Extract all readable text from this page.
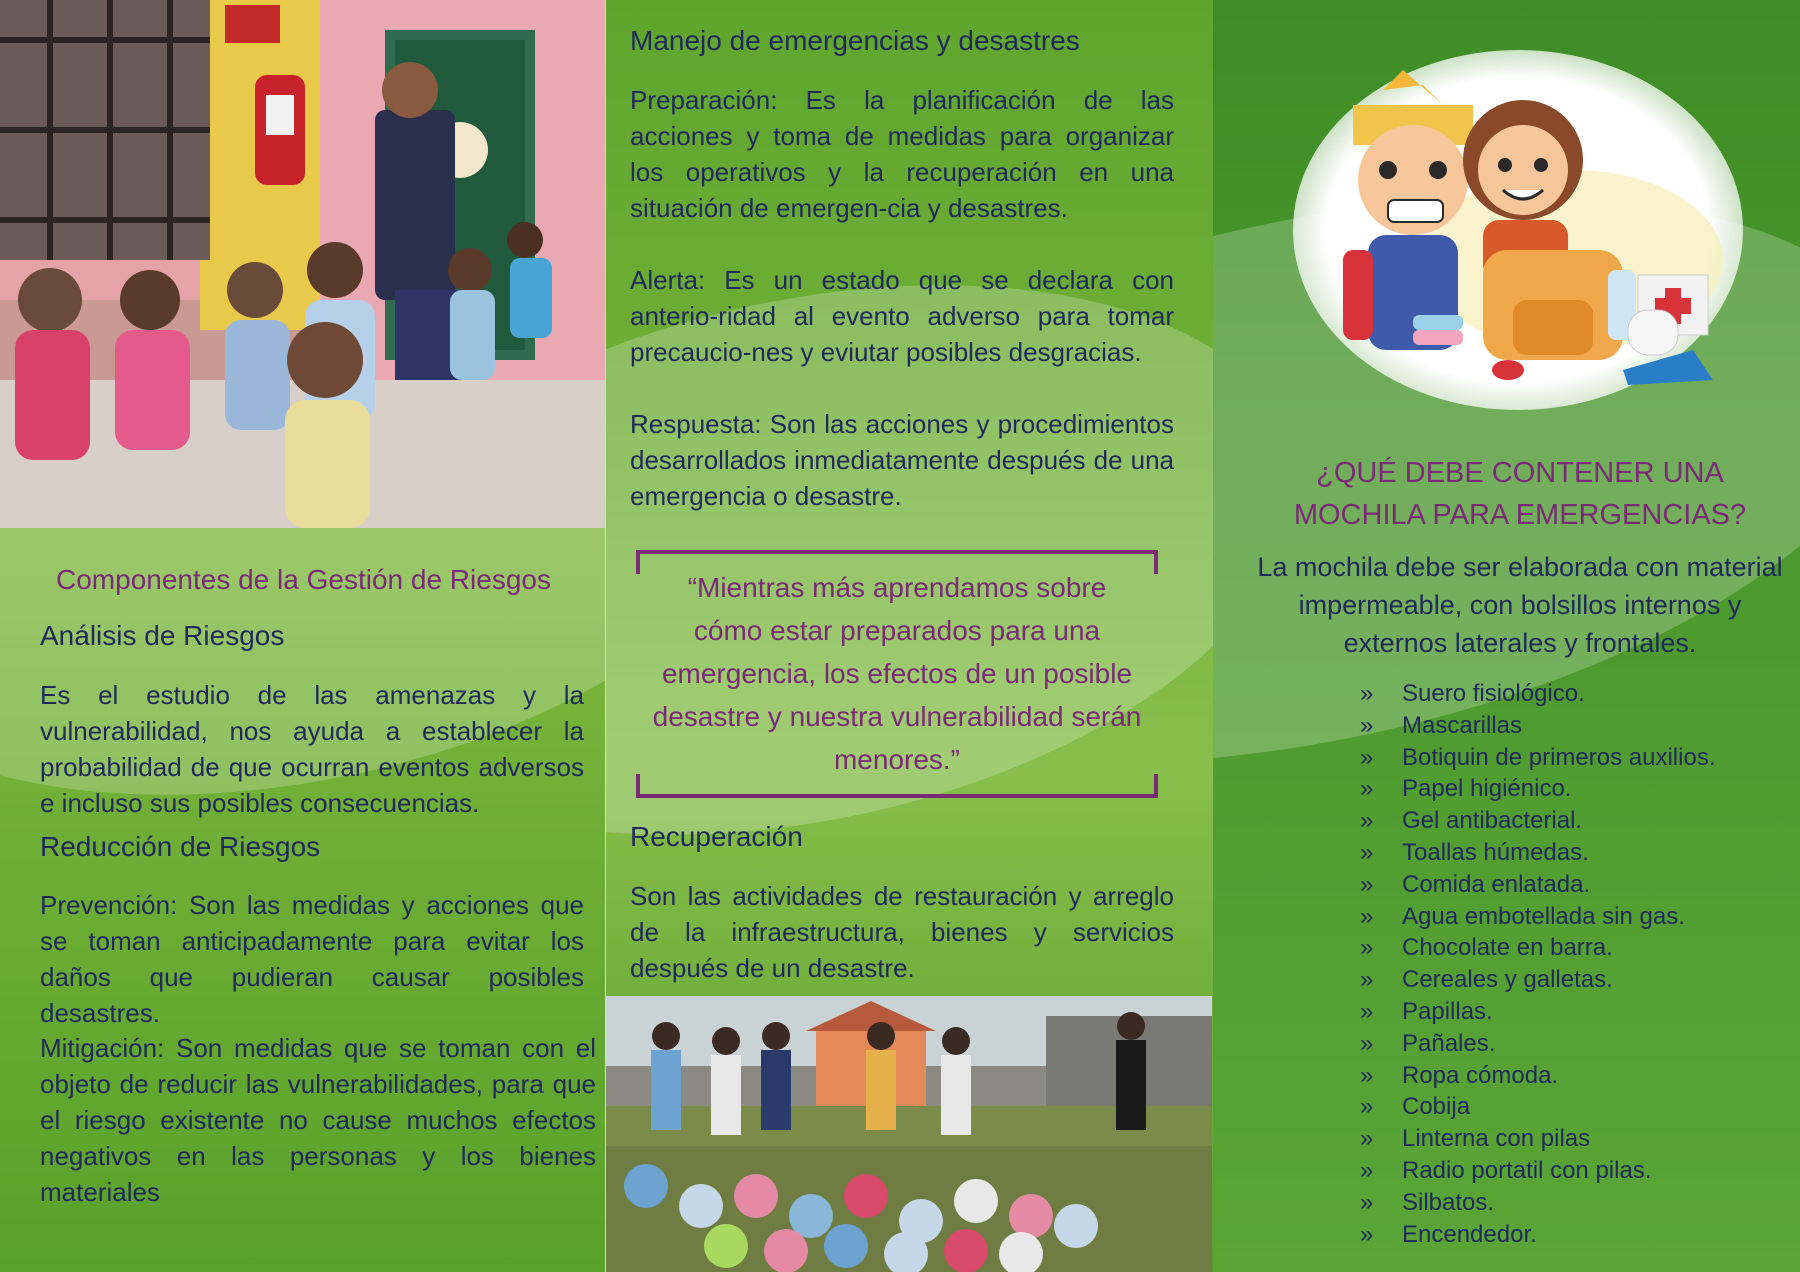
Componentes de la Gestión de Riesgos

Análisis de Riesgos

Es el estudio de las amenazas y la vulnerabilidad, nos ayuda a establecer la probabilidad de que ocurran eventos adversos e incluso sus posibles consecuencias.

Reducción de Riesgos

Prevención: Son las medidas y acciones que se toman anticipadamente para evitar los daños que pudieran causar posibles desastres.

Mitigación: Son medidas que se toman con el objeto de reducir las vulnerabilidades, para que el riesgo existente no cause muchos efectos negativos en las personas y los bienes materiales

Manejo de emergencias y desastres

Preparación: Es la planificación de las acciones y toma de medidas para organizar los operativos y la recuperación en una situación de emergen-cia y desastres.

Alerta: Es un estado que se declara con anterio-ridad al evento adverso para tomar precaucio-nes y eviutar posibles desgracias.

Respuesta: Son las acciones y procedimientos desarrollados inmediatamente después de una emergencia o desastre.

“Mientras más aprendamos sobre cómo estar preparados para una emergencia, los efectos de un posible desastre y nuestra vulnerabilidad serán menores.”

Recuperación

Son las actividades de restauración y arreglo de la infraestructura, bienes y servicios después de un desastre.

¿QUÉ DEBE CONTENER UNA MOCHILA PARA EMERGENCIAS?

La mochila debe ser elaborada con material impermeable, con bolsillos internos y externos laterales y frontales.

» Suero fisiológico.
» Mascarillas
» Botiquin de primeros auxilios.
» Papel higiénico.
» Gel antibacterial.
» Toallas húmedas.
» Comida enlatada.
» Agua embotellada sin gas.
» Chocolate en barra.
» Cereales y galletas.
» Papillas.
» Pañales.
» Ropa cómoda.
» Cobija
» Linterna con pilas
» Radio portatil con pilas.
» Silbatos.
» Encendedor.
